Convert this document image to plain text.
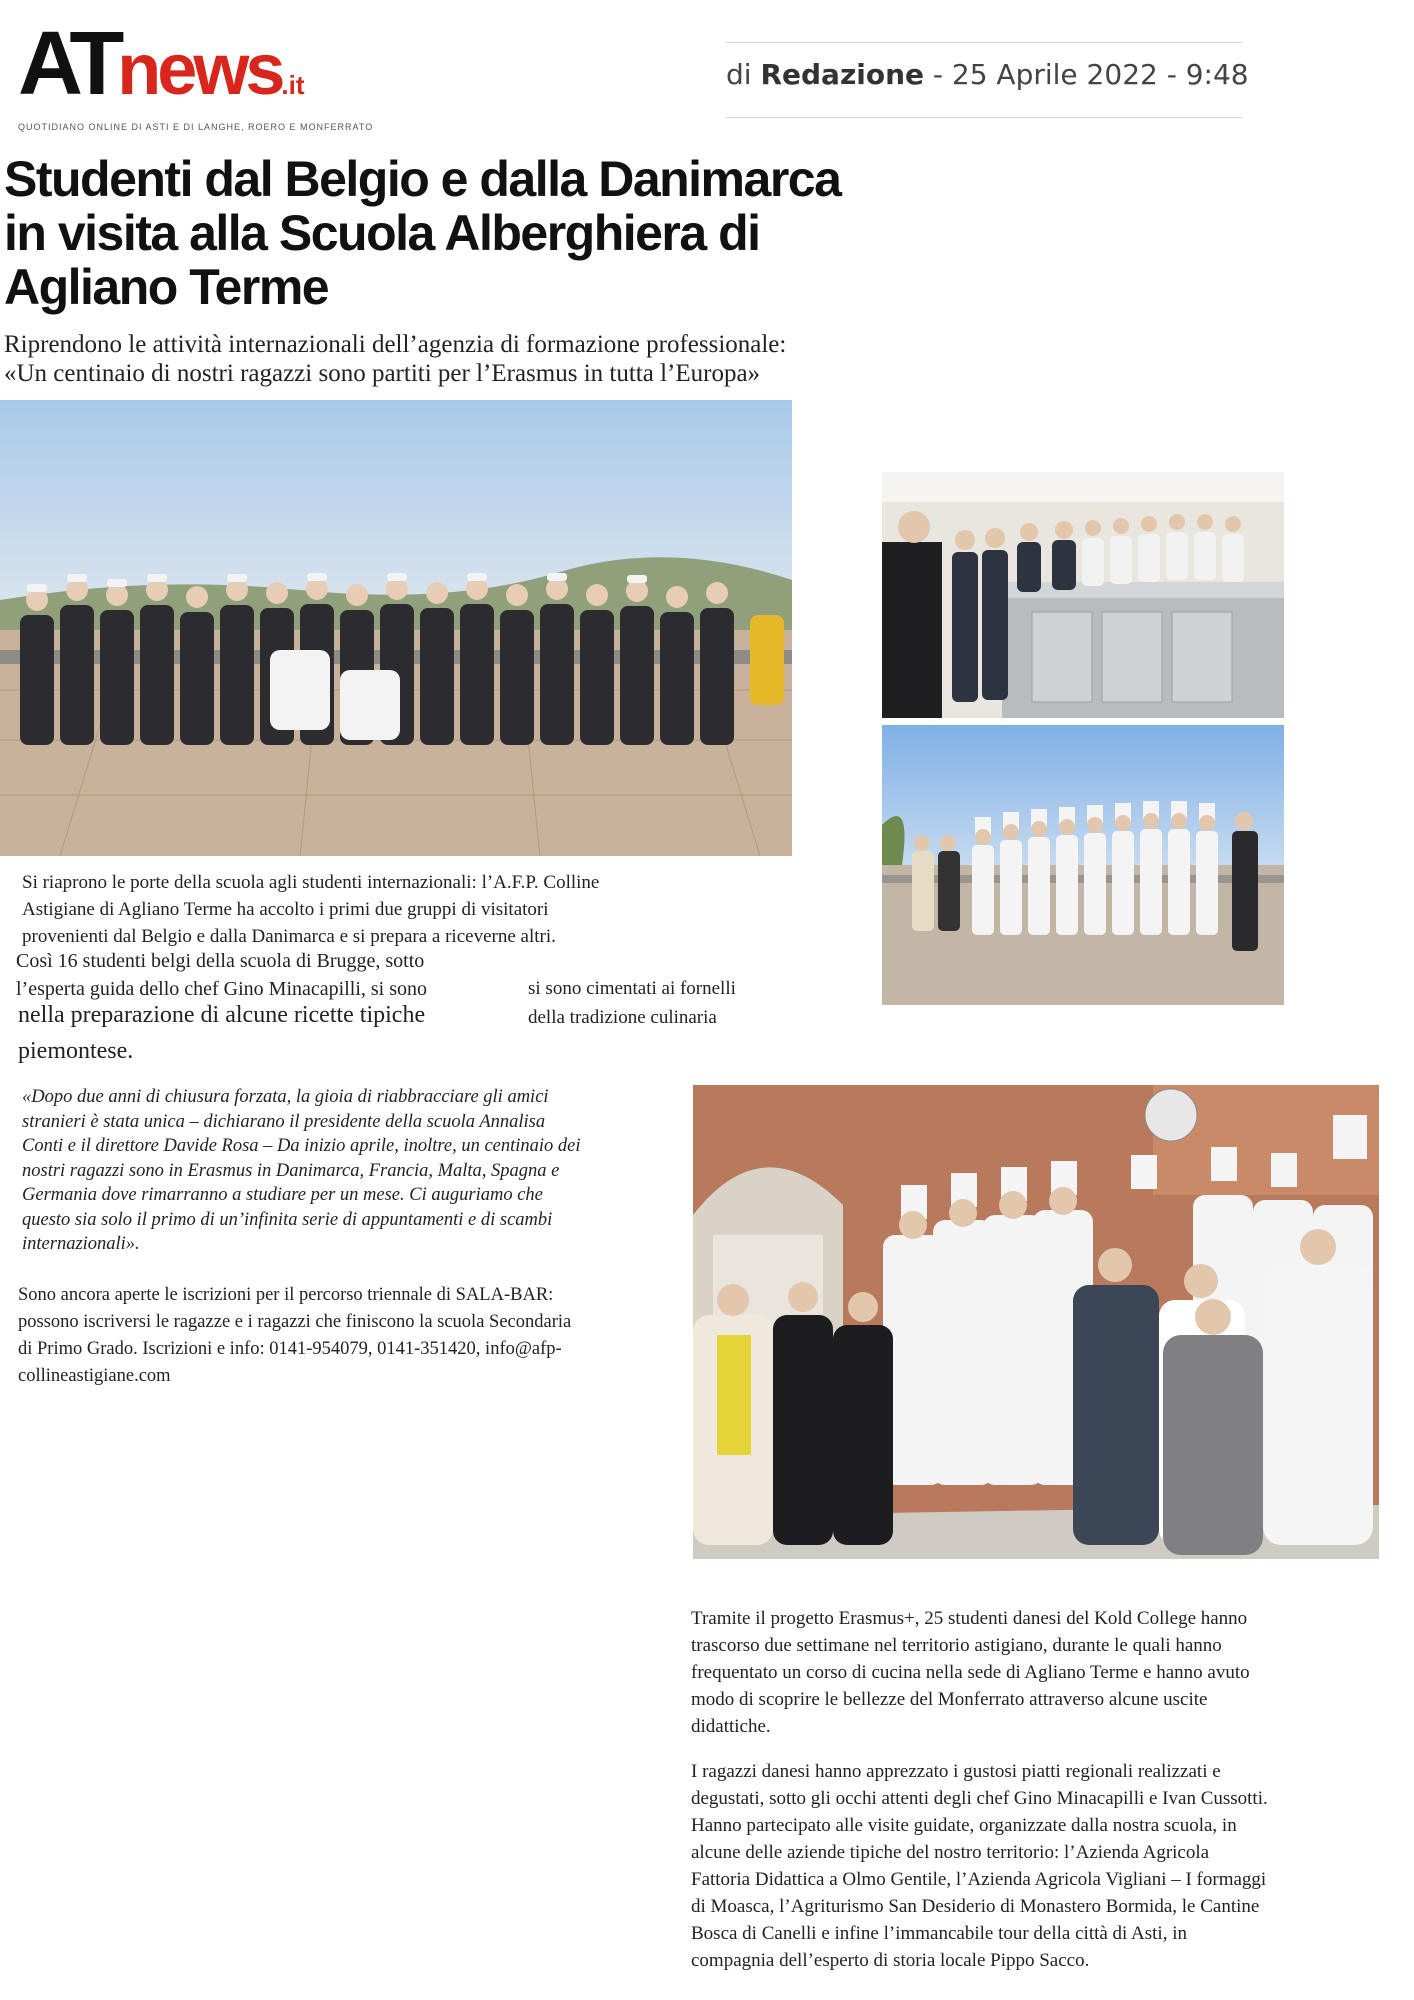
ATnews.it
QUOTIDIANO ONLINE DI ASTI E DI LANGHE, ROERO E MONFERRATO
di Redazione - 25 Aprile 2022 - 9:48
Studenti dal Belgio e dalla Danimarca in visita alla Scuola Alberghiera di Agliano Terme
Riprendono le attività internazionali dell’agenzia di formazione professionale:
«Un centinaio di nostri ragazzi sono partiti per l’Erasmus in tutta l’Europa»
Si riaprono le porte della scuola agli studenti internazionali: l’A.F.P. Colline
Astigiane di Agliano Terme ha accolto i primi due gruppi di visitatori
provenienti dal Belgio e dalla Danimarca e si prepara a riceverne altri.
Così 16 studenti belgi della scuola di Brugge, sotto
l’esperta guida dello chef Gino Minacapilli, si sono	si sono cimentati ai fornelli
nella preparazione di alcune ricette tipiche	della tradizione culinaria
piemontese.
«Dopo due anni di chiusura forzata, la gioia di riabbracciare gli amici
stranieri è stata unica – dichiarano il presidente della scuola Annalisa
Conti e il direttore Davide Rosa – Da inizio aprile, inoltre, un centinaio dei
nostri ragazzi sono in Erasmus in Danimarca, Francia, Malta, Spagna e
Germania dove rimarranno a studiare per un mese. Ci auguriamo che
questo sia solo il primo di un’infinita serie di appuntamenti e di scambi
internazionali».
Sono ancora aperte le iscrizioni per il percorso triennale di SALA-BAR:
possono iscriversi le ragazze e i ragazzi che finiscono la scuola Secondaria
di Primo Grado. Iscrizioni e info: 0141-954079, 0141-351420, info@afp-
collineastigiane.com
Tramite il progetto Erasmus+, 25 studenti danesi del Kold College hanno
trascorso due settimane nel territorio astigiano, durante le quali hanno
frequentato un corso di cucina nella sede di Agliano Terme e hanno avuto
modo di scoprire le bellezze del Monferrato attraverso alcune uscite
didattiche.
I ragazzi danesi hanno apprezzato i gustosi piatti regionali realizzati e
degustati, sotto gli occhi attenti degli chef Gino Minacapilli e Ivan Cussotti.
Hanno partecipato alle visite guidate, organizzate dalla nostra scuola, in
alcune delle aziende tipiche del nostro territorio: l’Azienda Agricola
Fattoria Didattica a Olmo Gentile, l’Azienda Agricola Vigliani – I formaggi
di Moasca, l’Agriturismo San Desiderio di Monastero Bormida, le Cantine
Bosca di Canelli e infine l’immancabile tour della città di Asti, in
compagnia dell’esperto di storia locale Pippo Sacco.
